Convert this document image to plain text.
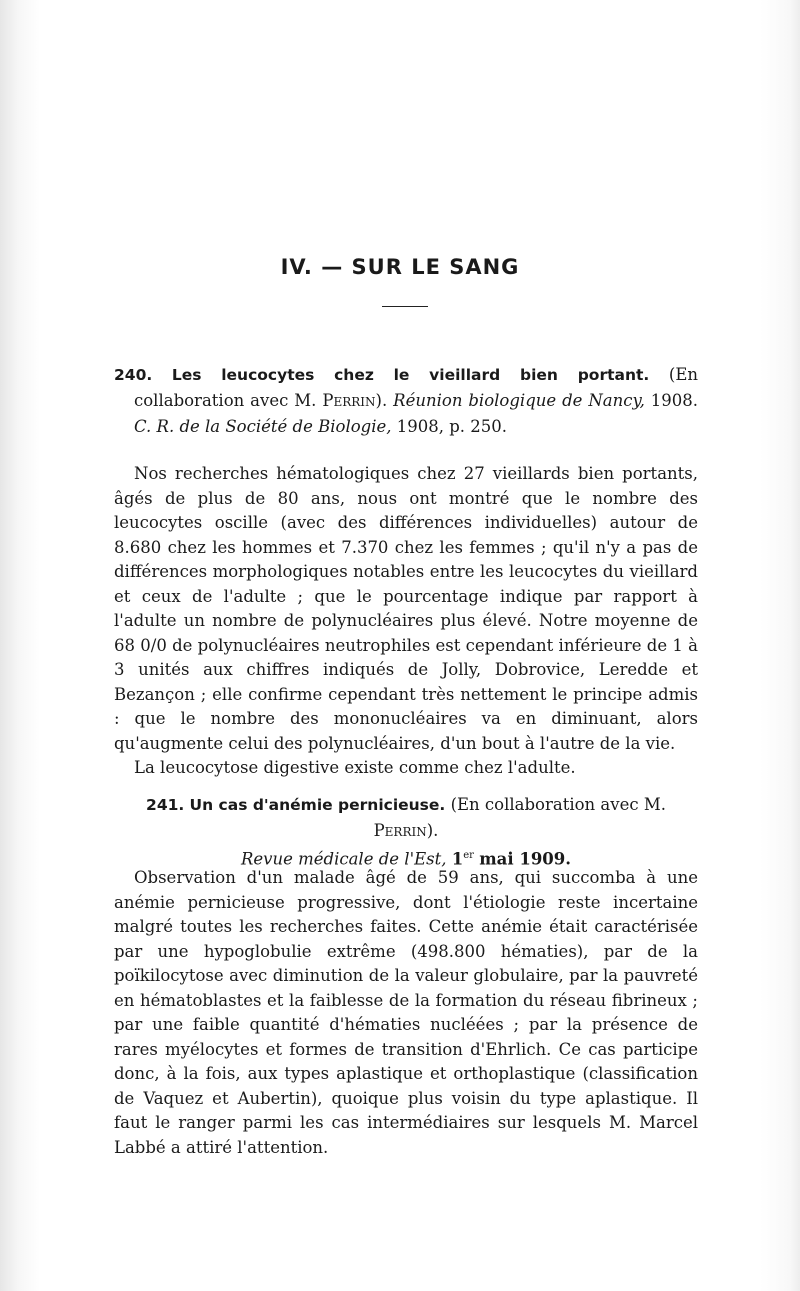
IV. — SUR LE SANG
240. Les leucocytes chez le vieillard bien portant. (En collaboration avec M. Perrin). Réunion biologique de Nancy, 1908. C. R. de la Société de Biologie, 1908, p. 250.

Nos recherches hématologiques chez 27 vieillards bien portants, âgés de plus de 80 ans, nous ont montré que le nombre des leucocytes oscille (avec des différences individuelles) autour de 8.680 chez les hommes et 7.370 chez les femmes ; qu'il n'y a pas de différences morphologiques notables entre les leucocytes du vieillard et ceux de l'adulte ; que le pourcentage indique par rapport à l'adulte un nombre de polynucléaires plus élevé. Notre moyenne de 68 0/0 de polynucléaires neutrophiles est cependant inférieure de 1 à 3 unités aux chiffres indiqués de Jolly, Dobrovice, Leredde et Bezançon ; elle confirme cependant très nettement le principe admis : que le nombre des mononucléaires va en diminuant, alors qu'augmente celui des polynucléaires, d'un bout à l'autre de la vie.

La leucocytose digestive existe comme chez l'adulte.

241. Un cas d'anémie pernicieuse. (En collaboration avec M. Perrin).
Revue médicale de l'Est, 1er mai 1909.

Observation d'un malade âgé de 59 ans, qui succomba à une anémie pernicieuse progressive, dont l'étiologie reste incertaine malgré toutes les recherches faites. Cette anémie était caractérisée par une hypoglobulie extrême (498.800 hématies), par de la poïkilocytose avec diminution de la valeur globulaire, par la pauvreté en hématoblastes et la faiblesse de la formation du réseau fibrineux ; par une faible quantité d'hématies nucléées ; par la présence de rares myélocytes et formes de transition d'Ehrlich. Ce cas participe donc, à la fois, aux types aplastique et orthoplastique (classification de Vaquez et Aubertin), quoique plus voisin du type aplastique. Il faut le ranger parmi les cas intermédiaires sur lesquels M. Marcel Labbé a attiré l'attention.
